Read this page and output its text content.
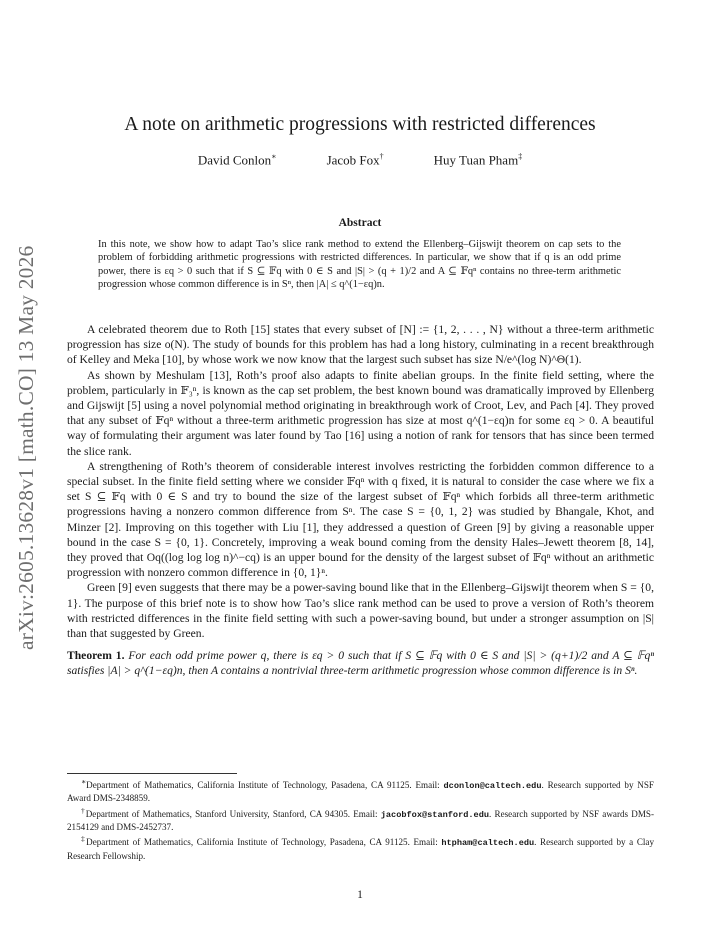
arXiv:2605.13628v1 [math.CO] 13 May 2026
A note on arithmetic progressions with restricted differences
David Conlon∗	Jacob Fox†	Huy Tuan Pham‡
Abstract
In this note, we show how to adapt Tao’s slice rank method to extend the Ellenberg–Gijswijt theorem on cap sets to the problem of forbidding arithmetic progressions with restricted differences. In particular, we show that if q is an odd prime power, there is εq > 0 such that if S ⊆ 𝔽q with 0 ∈ S and |S| > (q + 1)/2 and A ⊆ 𝔽qⁿ contains no three-term arithmetic progression whose common difference is in Sⁿ, then |A| ≤ q^(1−εq)n.

A celebrated theorem due to Roth [15] states that every subset of [N] := {1, 2, . . . , N} without a three-term arithmetic progression has size o(N). The study of bounds for this problem has had a long history, culminating in a recent breakthrough of Kelley and Meka [10], by whose work we now know that the largest such subset has size N/e^(log N)^Θ(1).

As shown by Meshulam [13], Roth’s proof also adapts to finite abelian groups. In the finite field setting, where the problem, particularly in 𝔽₃ⁿ, is known as the cap set problem, the best known bound was dramatically improved by Ellenberg and Gijswijt [5] using a novel polynomial method originating in breakthrough work of Croot, Lev, and Pach [4]. They proved that any subset of 𝔽qⁿ without a three-term arithmetic progression has size at most q^(1−εq)n for some εq > 0. A beautiful way of formulating their argument was later found by Tao [16] using a notion of rank for tensors that has since been termed the slice rank.

A strengthening of Roth’s theorem of considerable interest involves restricting the forbidden common difference to a special subset. In the finite field setting where we consider 𝔽qⁿ with q fixed, it is natural to consider the case where we fix a set S ⊆ 𝔽q with 0 ∈ S and try to bound the size of the largest subset of 𝔽qⁿ which forbids all three-term arithmetic progressions having a nonzero common difference from Sⁿ. The case S = {0, 1, 2} was studied by Bhangale, Khot, and Minzer [2]. Improving on this together with Liu [1], they addressed a question of Green [9] by giving a reasonable upper bound in the case S = {0, 1}. Concretely, improving a weak bound coming from the density Hales–Jewett theorem [8, 14], they proved that Oq((log log log n)^−cq) is an upper bound for the density of the largest subset of 𝔽qⁿ without an arithmetic progression with nonzero common difference in {0, 1}ⁿ.

Green [9] even suggests that there may be a power-saving bound like that in the Ellenberg–Gijswijt theorem when S = {0, 1}. The purpose of this brief note is to show how Tao’s slice rank method can be used to prove a version of Roth’s theorem with restricted differences in the finite field setting with such a power-saving bound, but under a stronger assumption on |S| than that suggested by Green.

Theorem 1. For each odd prime power q, there is εq > 0 such that if S ⊆ 𝔽q with 0 ∈ S and |S| > (q+1)/2 and A ⊆ 𝔽qⁿ satisfies |A| > q^(1−εq)n, then A contains a nontrivial three-term arithmetic progression whose common difference is in Sⁿ.

∗Department of Mathematics, California Institute of Technology, Pasadena, CA 91125. Email: dconlon@caltech.edu. Research supported by NSF Award DMS-2348859.

†Department of Mathematics, Stanford University, Stanford, CA 94305. Email: jacobfox@stanford.edu. Research supported by NSF awards DMS-2154129 and DMS-2452737.

‡Department of Mathematics, California Institute of Technology, Pasadena, CA 91125. Email: htpham@caltech.edu. Research supported by a Clay Research Fellowship.

1
